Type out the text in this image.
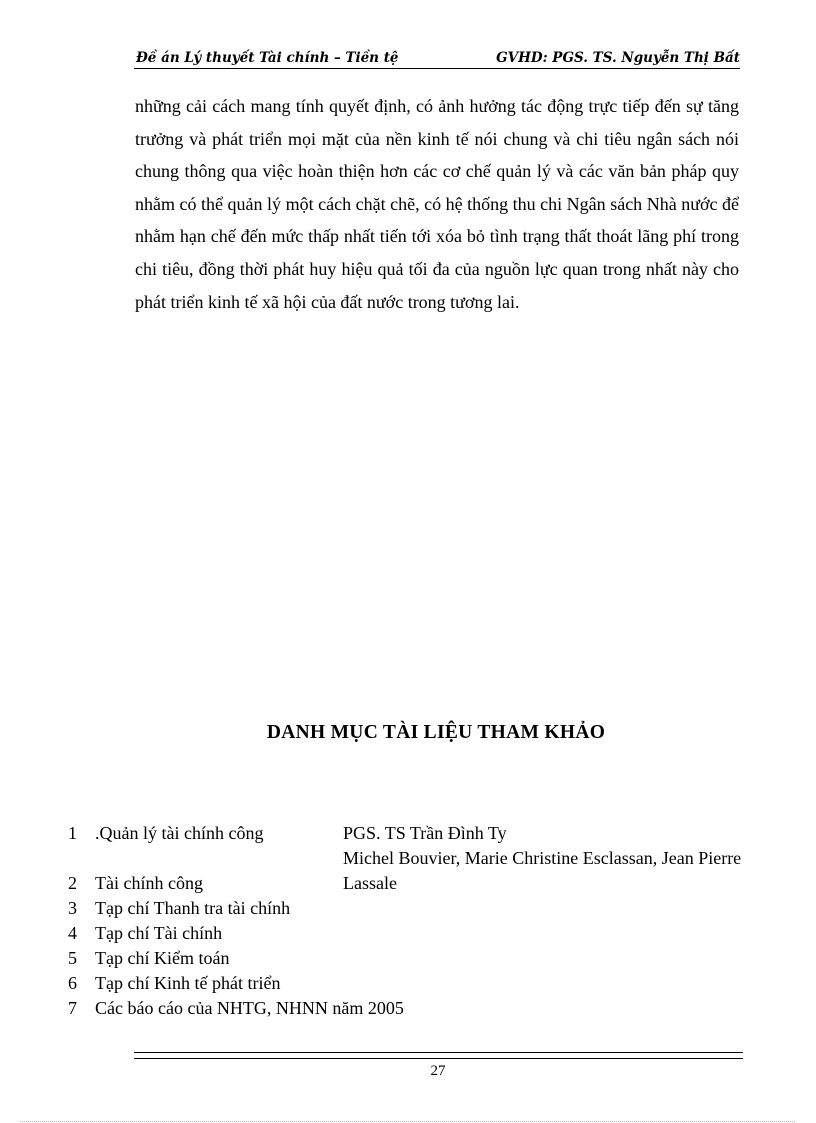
Đề án Lý thuyết Tài chính – Tiền tệ	GVHD: PGS. TS. Nguyễn Thị Bất

những cải cách mang tính quyết định, có ảnh hưởng tác động trực tiếp đến sự tăng trưởng và phát triển mọi mặt của nền kinh tế nói chung và chi tiêu ngân sách nói chung thông qua việc hoàn thiện hơn các cơ chế quản lý và các văn bản pháp quy nhằm có thể quản lý một cách chặt chẽ, có hệ thống thu chi Ngân sách Nhà nước để nhằm hạn chế đến mức thấp nhất tiến tới xóa bỏ tình trạng thất thoát lãng phí trong chi tiêu, đồng thời phát huy hiệu quả tối đa của nguồn lực quan trong nhất này cho phát triển kinh tế xã hội của đất nước trong tương lai.

DANH MỤC TÀI LIỆU THAM KHẢO
1 .Quản lý tài chính công	PGS. TS Trần Đình Ty
Michel Bouvier, Marie Christine Esclassan, Jean Pierre Lassale
2 Tài chính công
3 Tạp chí Thanh tra tài chính
4 Tạp chí Tài chính
5 Tạp chí Kiểm toán
6 Tạp chí Kinh tế phát triển
7 Các báo cáo của NHTG, NHNN năm 2005
27
